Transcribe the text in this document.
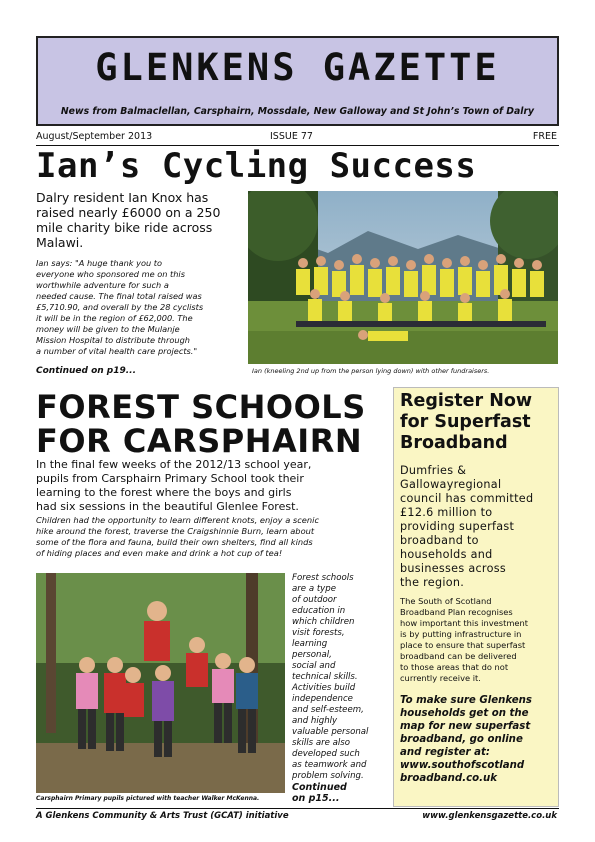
GLENKENS GAZETTE
News from Balmaclellan, Carsphairn, Mossdale, New Galloway and St John’s Town of Dalry
August/September 2013	ISSUE 77	FREE
Ian’s Cycling Success
Dalry resident Ian Knox has
raised nearly £6000 on a 250
mile charity bike ride across
Malawi.
Ian says: "A huge thank you to
everyone who sponsored me on this
worthwhile adventure for such a
needed cause. The final total raised was
£5,710.90, and overall by the 28 cyclists
it will be in the region of £62,000. The
money will be given to the Mulanje
Mission Hospital to distribute through
a number of vital health care projects."
Continued on p19...	Ian (kneeling 2nd up from the person lying down) with other fundraisers.
FOREST SCHOOLS
FOR CARSPHAIRN
In the final few weeks of the 2012/13 school year,
pupils from Carsphairn Primary School took their
learning to the forest where the boys and girls
had six sessions in the beautiful Glenlee Forest.
Children had the opportunity to learn different knots, enjoy a scenic
hike around the forest, traverse the Craigshinnie Burn, learn about
some of the flora and fauna, build their own shelters, find all kinds
of hiding places and even make and drink a hot cup of tea!
Carsphairn Primary pupils pictured with teacher Walker McKenna.
Forest schools
are a type
of outdoor
education in
which children
visit forests,
learning
personal,
social and
technical skills.
Activities build
independence
and self-esteem,
and highly
valuable personal
skills are also
developed such
as teamwork and
problem solving.
Continued
on p15...
Register Now
for Superfast
Broadband
Dumfries &
Gallowayregional
council has committed
£12.6 million to
providing superfast
broadband to
households and
businesses across
the region.
The South of Scotland
Broadband Plan recognises
how important this investment
is by putting infrastructure in
place to ensure that superfast
broadband can be delivered
to those areas that do not
currently receive it.
To make sure Glenkens
households get on the
map for new superfast
broadband, go online
and register at:
www.southofscotland
broadband.co.uk
A Glenkens Community & Arts Trust (GCAT) initiative	www.glenkensgazette.co.uk
